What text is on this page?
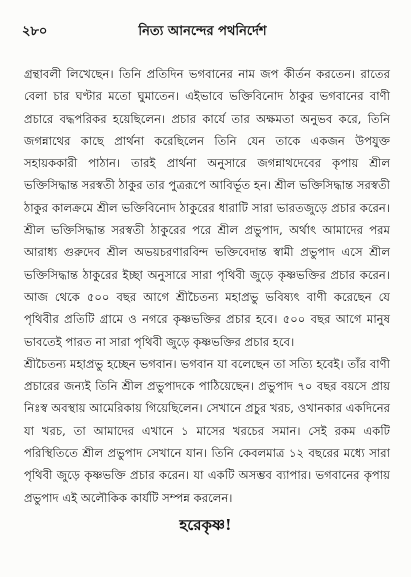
২৮০	নিত্য আনন্দের পথনির্দেশ

গ্রন্থাবলী লিখেছেন। তিনি প্রতিদিন ভগবানের নাম জপ কীর্তন করতেন। রাতের বেলা চার ঘণ্টার মতো ঘুমাতেন। এইভাবে ভক্তিবিনোদ ঠাকুর ভগবানের বাণী প্রচারে বদ্ধপরিকর হয়েছিলেন। প্রচার কার্যে তার অক্ষমতা অনুভব করে, তিনি জগন্নাথের কাছে প্রার্থনা করেছিলেন তিনি যেন তাকে একজন উপযুক্ত সহায়ককারী পাঠান। তারই প্রার্থনা অনুসারে জগন্নাথদেবের কৃপায় শ্রীল ভক্তিসিদ্ধান্ত সরস্বতী ঠাকুর তার পুত্ররূপে আবির্ভূত হন। শ্রীল ভক্তিসিদ্ধান্ত সরস্বতী ঠাকুর কালক্রমে শ্রীল ভক্তিবিনোদ ঠাকুরের ধারাটি সারা ভারতজুড়ে প্রচার করেন। শ্রীল ভক্তিসিদ্ধান্ত সরস্বতী ঠাকুরের পরে শ্রীল প্রভুপাদ, অর্থাৎ আমাদের পরম আরাধ্য গুরুদেব শ্রীল অভয়চরণারবিন্দ ভক্তিবেদান্ত স্বামী প্রভুপাদ এসে শ্রীল ভক্তিসিদ্ধান্ত ঠাকুরের ইচ্ছা অনুসারে সারা পৃথিবী জুড়ে কৃষ্ণভক্তির প্রচার করেন। আজ থেকে ৫০০ বছর আগে শ্রীচৈতন্য মহাপ্রভু ভবিষ্যৎ বাণী করেছেন যে পৃথিবীর প্রতিটি গ্রামে ও নগরে কৃষ্ণভক্তির প্রচার হবে। ৫০০ বছর আগে মানুষ ভাবতেই পারত না সারা পৃথিবী জুড়ে কৃষ্ণভক্তির প্রচার হবে।

শ্রীচৈতন্য মহাপ্রভু হচ্ছেন ভগবান। ভগবান যা বলেছেন তা সত্যি হবেই। তাঁর বাণী প্রচারের জন্যই তিনি শ্রীল প্রভুপাদকে পাঠিয়েছেন। প্রভুপাদ ৭০ বছর বয়সে প্রায় নিঃস্ব অবস্থায় আমেরিকায় গিয়েছিলেন। সেখানে প্রচুর খরচ, ওখানকার একদিনের যা খরচ, তা আমাদের এখানে ১ মাসের খরচের সমান। সেই রকম একটি পরিস্থিতিতে শ্রীল প্রভুপাদ সেখানে যান। তিনি কেবলমাত্র ১২ বছরের মধ্যে সারা পৃথিবী জুড়ে কৃষ্ণভক্তি প্রচার করেন। যা একটি অসম্ভব ব্যাপার। ভগবানের কৃপায় প্রভুপাদ এই অলৌকিক কার্যটি সম্পন্ন করলেন।

হরেকৃষ্ণ!
